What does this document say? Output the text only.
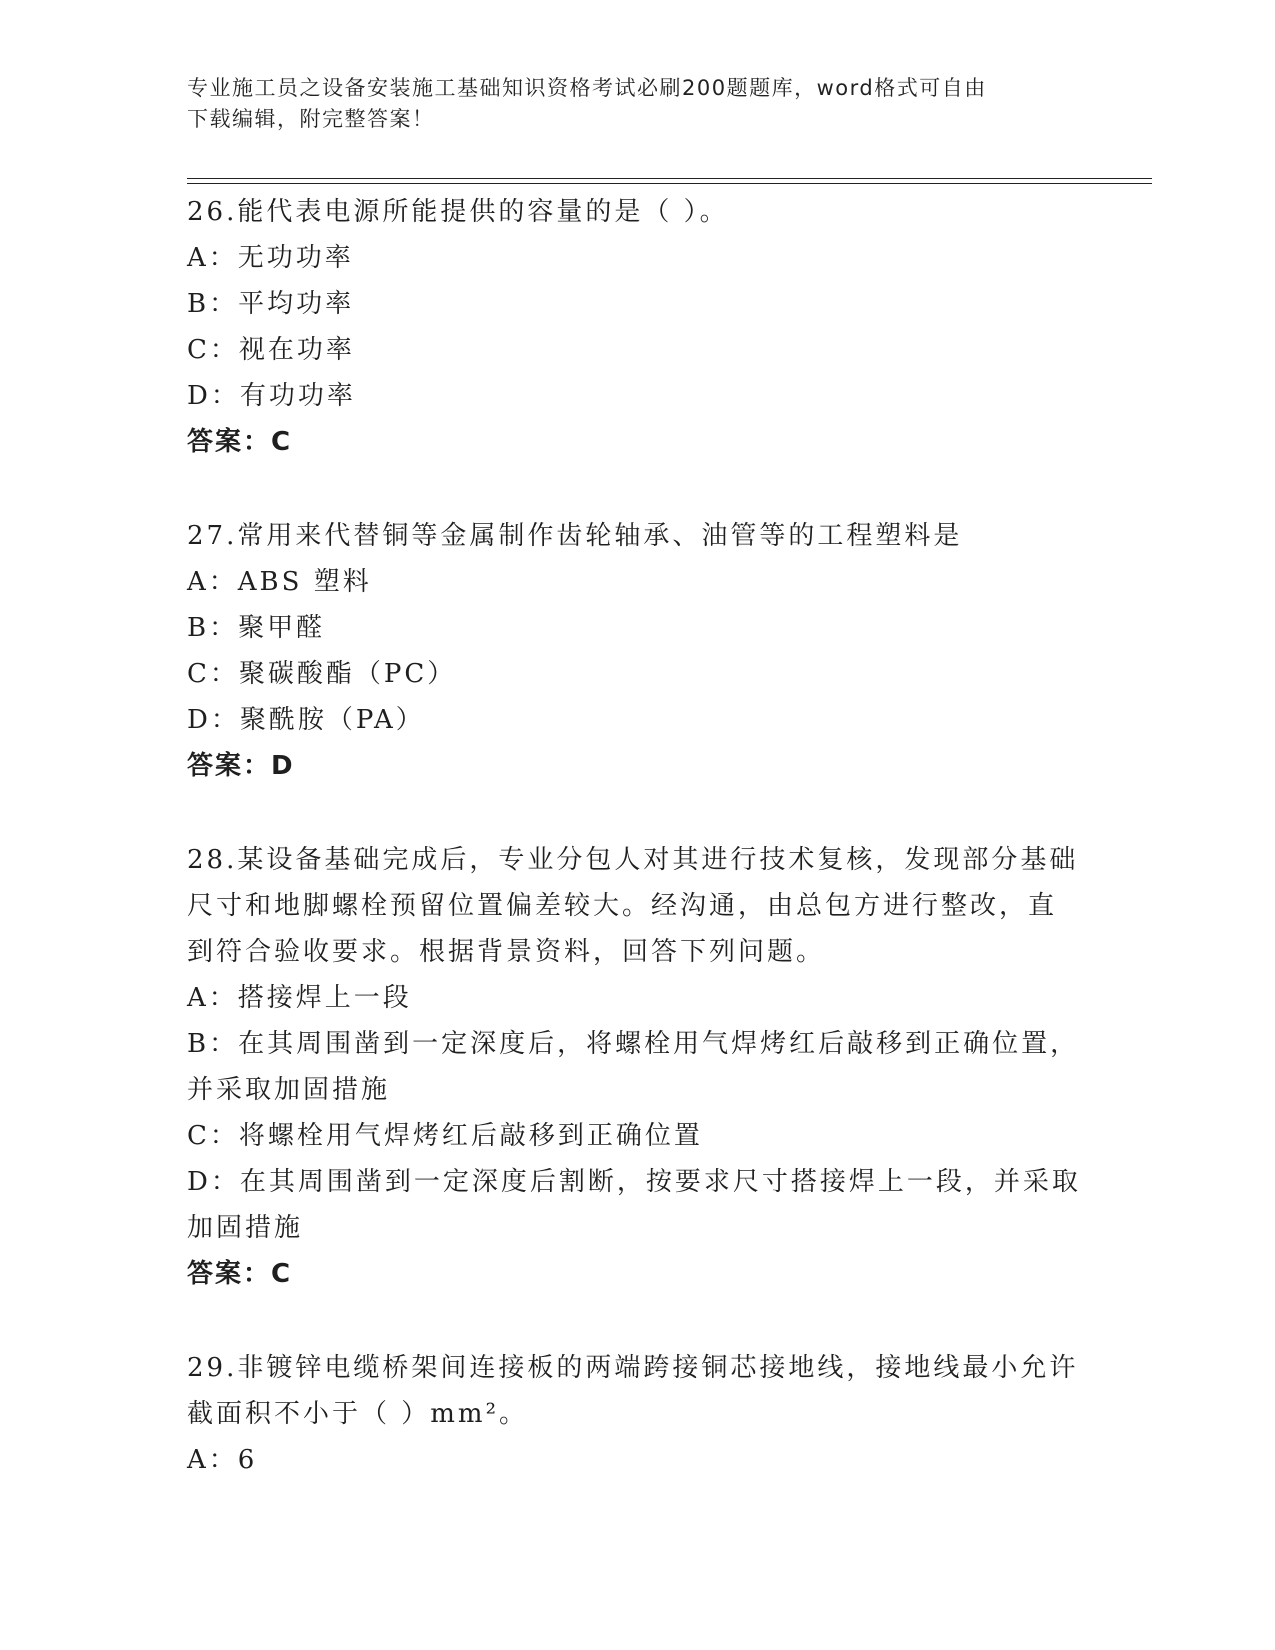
专业施工员之设备安装施工基础知识资格考试必刷200题题库，word格式可自由
下载编辑，附完整答案！
26.能代表电源所能提供的容量的是（ ）。
A：无功功率
B：平均功率
C：视在功率
D：有功功率
答案：C
27.常用来代替铜等金属制作齿轮轴承、油管等的工程塑料是
A：ABS 塑料
B：聚甲醛
C：聚碳酸酯（PC）
D：聚酰胺（PA）
答案：D
28.某设备基础完成后，专业分包人对其进行技术复核，发现部分基础
尺寸和地脚螺栓预留位置偏差较大。经沟通，由总包方进行整改，直
到符合验收要求。根据背景资料，回答下列问题。
A：搭接焊上一段
B：在其周围凿到一定深度后，将螺栓用气焊烤红后敲移到正确位置，
并采取加固措施
C：将螺栓用气焊烤红后敲移到正确位置
D：在其周围凿到一定深度后割断，按要求尺寸搭接焊上一段，并采取
加固措施
答案：C
29.非镀锌电缆桥架间连接板的两端跨接铜芯接地线，接地线最小允许
截面积不小于（ ）mm²。
A：6
